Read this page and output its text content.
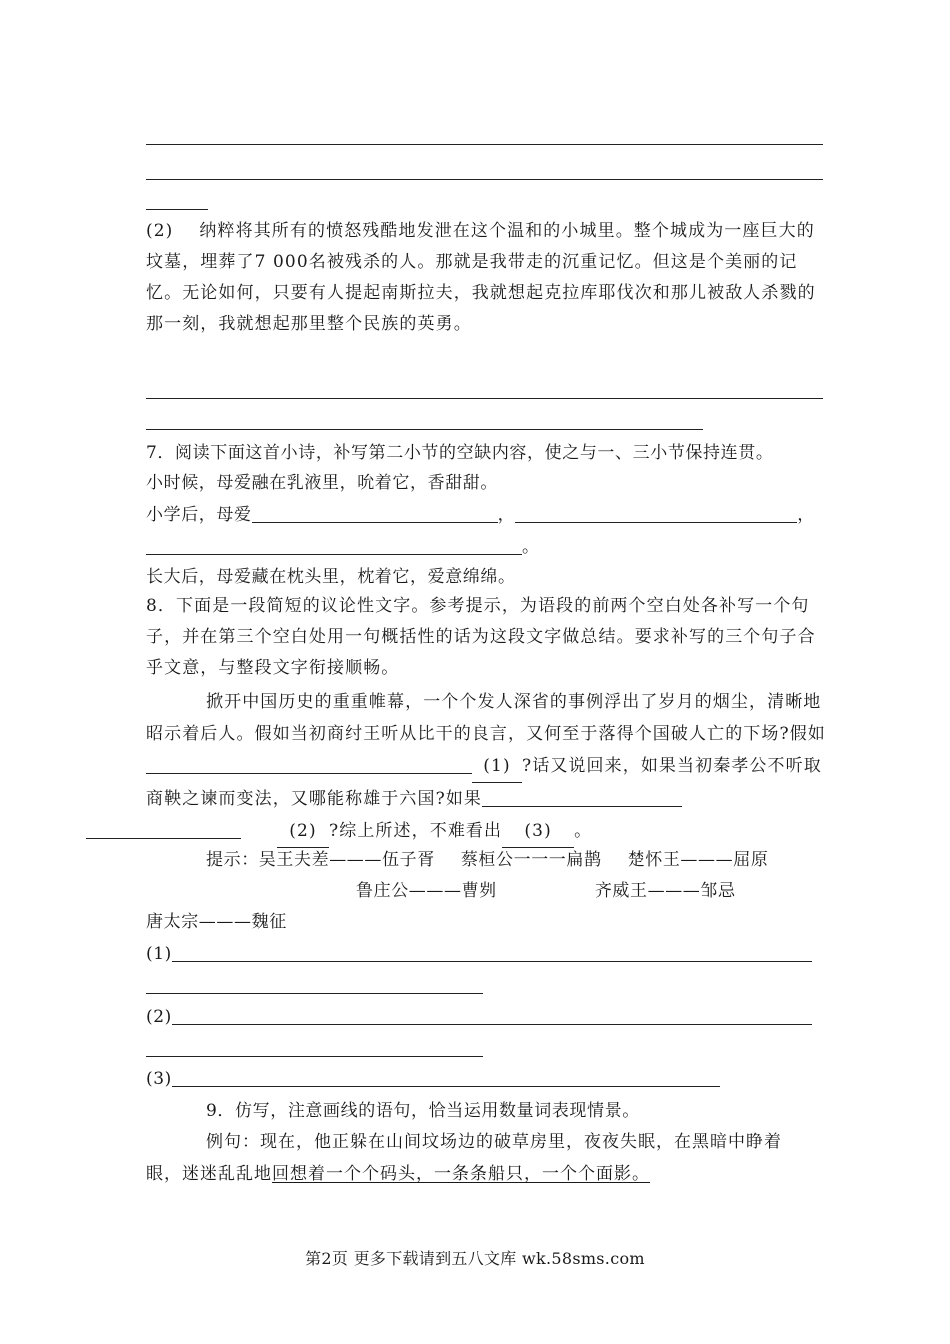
(2) 纳粹将其所有的愤怒残酷地发泄在这个温和的小城里。整个城成为一座巨大的坟墓，埋葬了7 000名被残杀的人。那就是我带走的沉重记忆。但这是个美丽的记忆。无论如何，只要有人提起南斯拉夫，我就想起克拉库耶伐次和那儿被敌人杀戮的那一刻，我就想起那里整个民族的英勇。
7．阅读下面这首小诗，补写第二小节的空缺内容，使之与一、三小节保持连贯。
小时候，母爱融在乳液里，吮着它，香甜甜。
小学后，母爱	，	，
。
长大后，母爱藏在枕头里，枕着它，爱意绵绵。
8．下面是一段简短的议论性文字。参考提示，为语段的前两个空白处各补写一个句子，并在第三个空白处用一句概括性的话为这段文字做总结。要求补写的三个句子合乎文意，与整段文字衔接顺畅。
掀开中国历史的重重帷幕，一个个发人深省的事例浮出了岁月的烟尘，清晰地昭示着后人。假如当初商纣王听从比干的良言，又何至于落得个国破人亡的下场?假如(1) ?话又说回来，如果当初秦孝公不听取商鞅之谏而变法，又哪能称雄于六国?如果
(2) ?综上所述，不难看出 (3) 。
提示：吴王夫差———伍子胥 蔡桓公一一一扁鹊 楚怀王———屈原
鲁庄公———曹刿	齐威王———邹忌
唐太宗———魏征
(1)
(2)
(3)
9．仿写，注意画线的语句，恰当运用数量词表现情景。
例句：现在，他正躲在山间坟场边的破草房里，夜夜失眠，在黑暗中睁着
眼，迷迷乱乱地回想着一个个码头，一条条船只，一个个面影。
第2页 更多下载请到五八文库 wk.58sms.com
